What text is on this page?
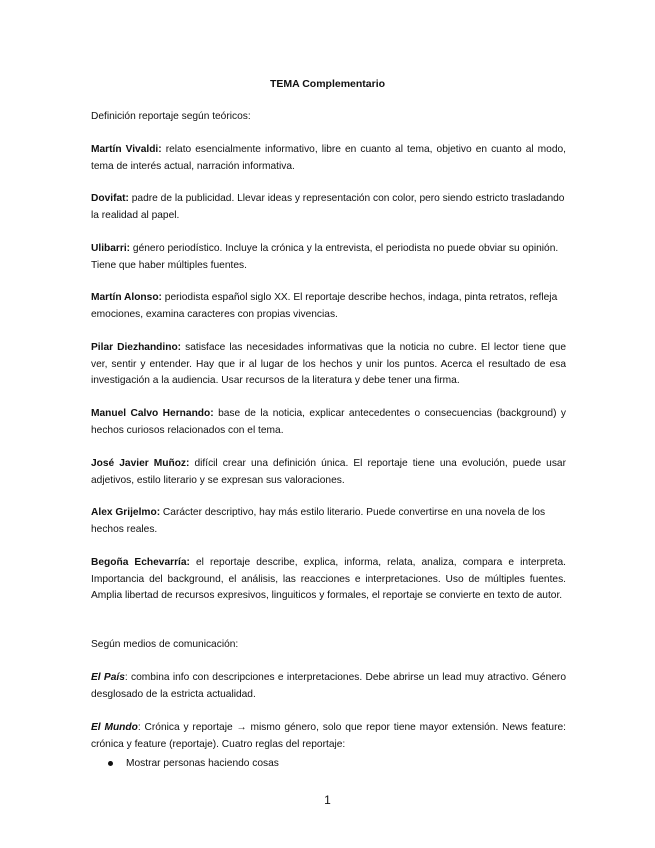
TEMA Complementario

Definición reportaje según teóricos:

Martín Vivaldi: relato esencialmente informativo, libre en cuanto al tema, objetivo en cuanto al modo, tema de interés actual, narración informativa.

Dovifat: padre de la publicidad. Llevar ideas y representación con color, pero siendo estricto trasladando la realidad al papel.

Ulibarri: género periodístico. Incluye la crónica y la entrevista, el periodista no puede obviar su opinión. Tiene que haber múltiples fuentes.

Martín Alonso: periodista español siglo XX. El reportaje describe hechos, indaga, pinta retratos, refleja emociones, examina caracteres con propias vivencias.

Pilar Diezhandino: satisface las necesidades informativas que la noticia no cubre. El lector tiene que ver, sentir y entender. Hay que ir al lugar de los hechos y unir los puntos. Acerca el resultado de esa investigación a la audiencia. Usar recursos de la literatura y debe tener una firma.

Manuel Calvo Hernando: base de la noticia, explicar antecedentes o consecuencias (background) y hechos curiosos relacionados con el tema.

José Javier Muñoz: difícil crear una definición única. El reportaje tiene una evolución, puede usar adjetivos, estilo literario y se expresan sus valoraciones.

Alex Grijelmo: Carácter descriptivo, hay más estilo literario. Puede convertirse en una novela de los hechos reales.

Begoña Echevarría: el reportaje describe, explica, informa, relata, analiza, compara e interpreta. Importancia del background, el análisis, las reacciones e interpretaciones. Uso de múltiples fuentes. Amplia libertad de recursos expresivos, linguiticos y formales, el reportaje se convierte en texto de autor.

Según medios de comunicación:

El País: combina info con descripciones e interpretaciones. Debe abrirse un lead muy atractivo. Género desglosado de la estricta actualidad.

El Mundo: Crónica y reportaje → mismo género, solo que repor tiene mayor extensión. News feature: crónica y feature (reportaje). Cuatro reglas del reportaje:

Mostrar personas haciendo cosas
1
